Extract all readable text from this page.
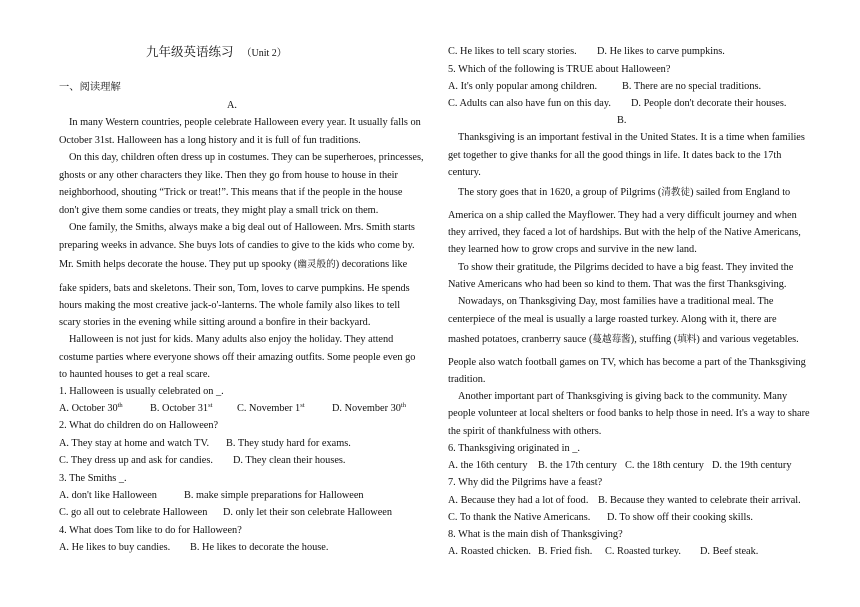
九年级英语练习 （Unit 2）
一、阅读理解
A.
In many Western countries, people celebrate Halloween every year. It usually falls on
October 31st. Halloween has a long history and it is full of fun traditions.
On this day, children often dress up in costumes. They can be superheroes, princesses,
ghosts or any other characters they like. Then they go from house to house in their
neighborhood, shouting “Trick or treat!”. This means that if the people in the house
don't give them some candies or treats, they might play a small trick on them.
One family, the Smiths, always make a big deal out of Halloween. Mrs. Smith starts
preparing weeks in advance. She buys lots of candies to give to the kids who come by.
Mr. Smith helps decorate the house. They put up spooky (幽灵般的) decorations like
fake spiders, bats and skeletons. Their son, Tom, loves to carve pumpkins. He spends
hours making the most creative jack-o'-lanterns. The whole family also likes to tell
scary stories in the evening while sitting around a bonfire in their backyard.
Halloween is not just for kids. Many adults also enjoy the holiday. They attend
costume parties where everyone shows off their amazing outfits. Some people even go
to haunted houses to get a real scare.
1. Halloween is usually celebrated on _.
A. October 30th	B. October 31st C. November 1st	D. November 30th
2. What do children do on Halloween?
A. They stay at home and watch TV. B. They study hard for exams.
C. They dress up and ask for candies. D. They clean their houses.
3. The Smiths _.
A. don't like Halloween	B. make simple preparations for Halloween
C. go all out to celebrate Halloween D. only let their son celebrate Halloween
4. What does Tom like to do for Halloween?
A. He likes to buy candies. B. He likes to decorate the house.
C. He likes to tell scary stories. D. He likes to carve pumpkins.
5. Which of the following is TRUE about Halloween?
A. It's only popular among children. B. There are no special traditions.
C. Adults can also have fun on this day. D. People don't decorate their houses.
B.
Thanksgiving is an important festival in the United States. It is a time when families
get together to give thanks for all the good things in life. It dates back to the 17th
century.
The story goes that in 1620, a group of Pilgrims (清教徒) sailed from England to
America on a ship called the Mayflower. They had a very difficult journey and when
they arrived, they faced a lot of hardships. But with the help of the Native Americans,
they learned how to grow crops and survive in the new land.
To show their gratitude, the Pilgrims decided to have a big feast. They invited the
Native Americans who had been so kind to them. That was the first Thanksgiving.
Nowadays, on Thanksgiving Day, most families have a traditional meal. The
centerpiece of the meal is usually a large roasted turkey. Along with it, there are
mashed potatoes, cranberry sauce (蔓越莓酱), stuffing (填料) and various vegetables.
People also watch football games on TV, which has become a part of the Thanksgiving
tradition.
Another important part of Thanksgiving is giving back to the community. Many
people volunteer at local shelters or food banks to help those in need. It's a way to share
the spirit of thankfulness with others.
6. Thanksgiving originated in _.
A. the 16th century B. the 17th century C. the 18th century D. the 19th century
7. Why did the Pilgrims have a feast?
A. Because they had a lot of food. B. Because they wanted to celebrate their arrival.
C. To thank the Native Americans. D. To show off their cooking skills.
8. What is the main dish of Thanksgiving?
A. Roasted chicken. B. Fried fish. C. Roasted turkey. D. Beef steak.
